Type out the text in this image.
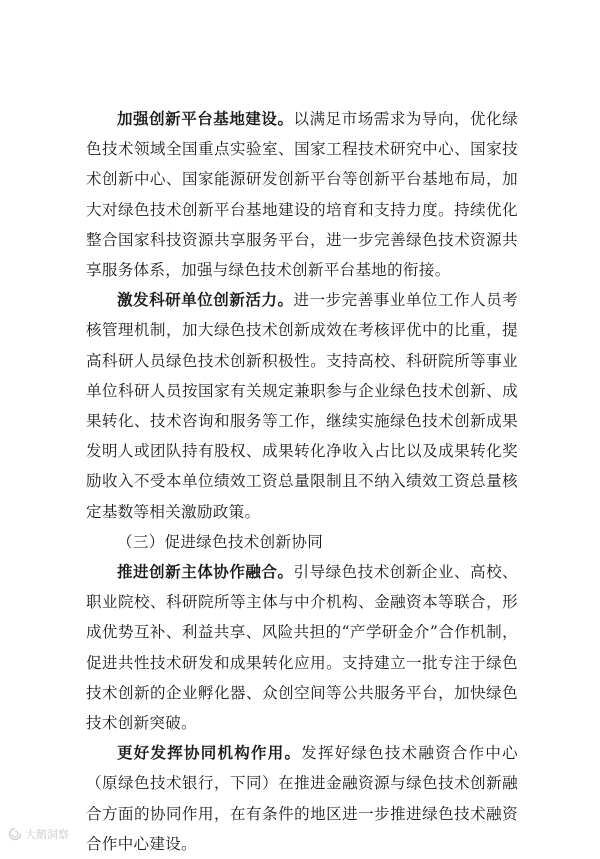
加强创新平台基地建设。以满足市场需求为导向，优化绿色技术领域全国重点实验室、国家工程技术研究中心、国家技术创新中心、国家能源研发创新平台等创新平台基地布局，加大对绿色技术创新平台基地建设的培育和支持力度。持续优化整合国家科技资源共享服务平台，进一步完善绿色技术资源共享服务体系，加强与绿色技术创新平台基地的衔接。

激发科研单位创新活力。进一步完善事业单位工作人员考核管理机制，加大绿色技术创新成效在考核评优中的比重，提高科研人员绿色技术创新积极性。支持高校、科研院所等事业单位科研人员按国家有关规定兼职参与企业绿色技术创新、成果转化、技术咨询和服务等工作，继续实施绿色技术创新成果发明人或团队持有股权、成果转化净收入占比以及成果转化奖励收入不受本单位绩效工资总量限制且不纳入绩效工资总量核定基数等相关激励政策。

（三）促进绿色技术创新协同

推进创新主体协作融合。引导绿色技术创新企业、高校、职业院校、科研院所等主体与中介机构、金融资本等联合，形成优势互补、利益共享、风险共担的“产学研金介”合作机制，促进共性技术研发和成果转化应用。支持建立一批专注于绿色技术创新的企业孵化器、众创空间等公共服务平台，加快绿色技术创新突破。

更好发挥协同机构作用。发挥好绿色技术融资合作中心（原绿色技术银行，下同）在推进金融资源与绿色技术创新融合方面的协同作用，在有条件的地区进一步推进绿色技术融资合作中心建设。

大鹅洞察
